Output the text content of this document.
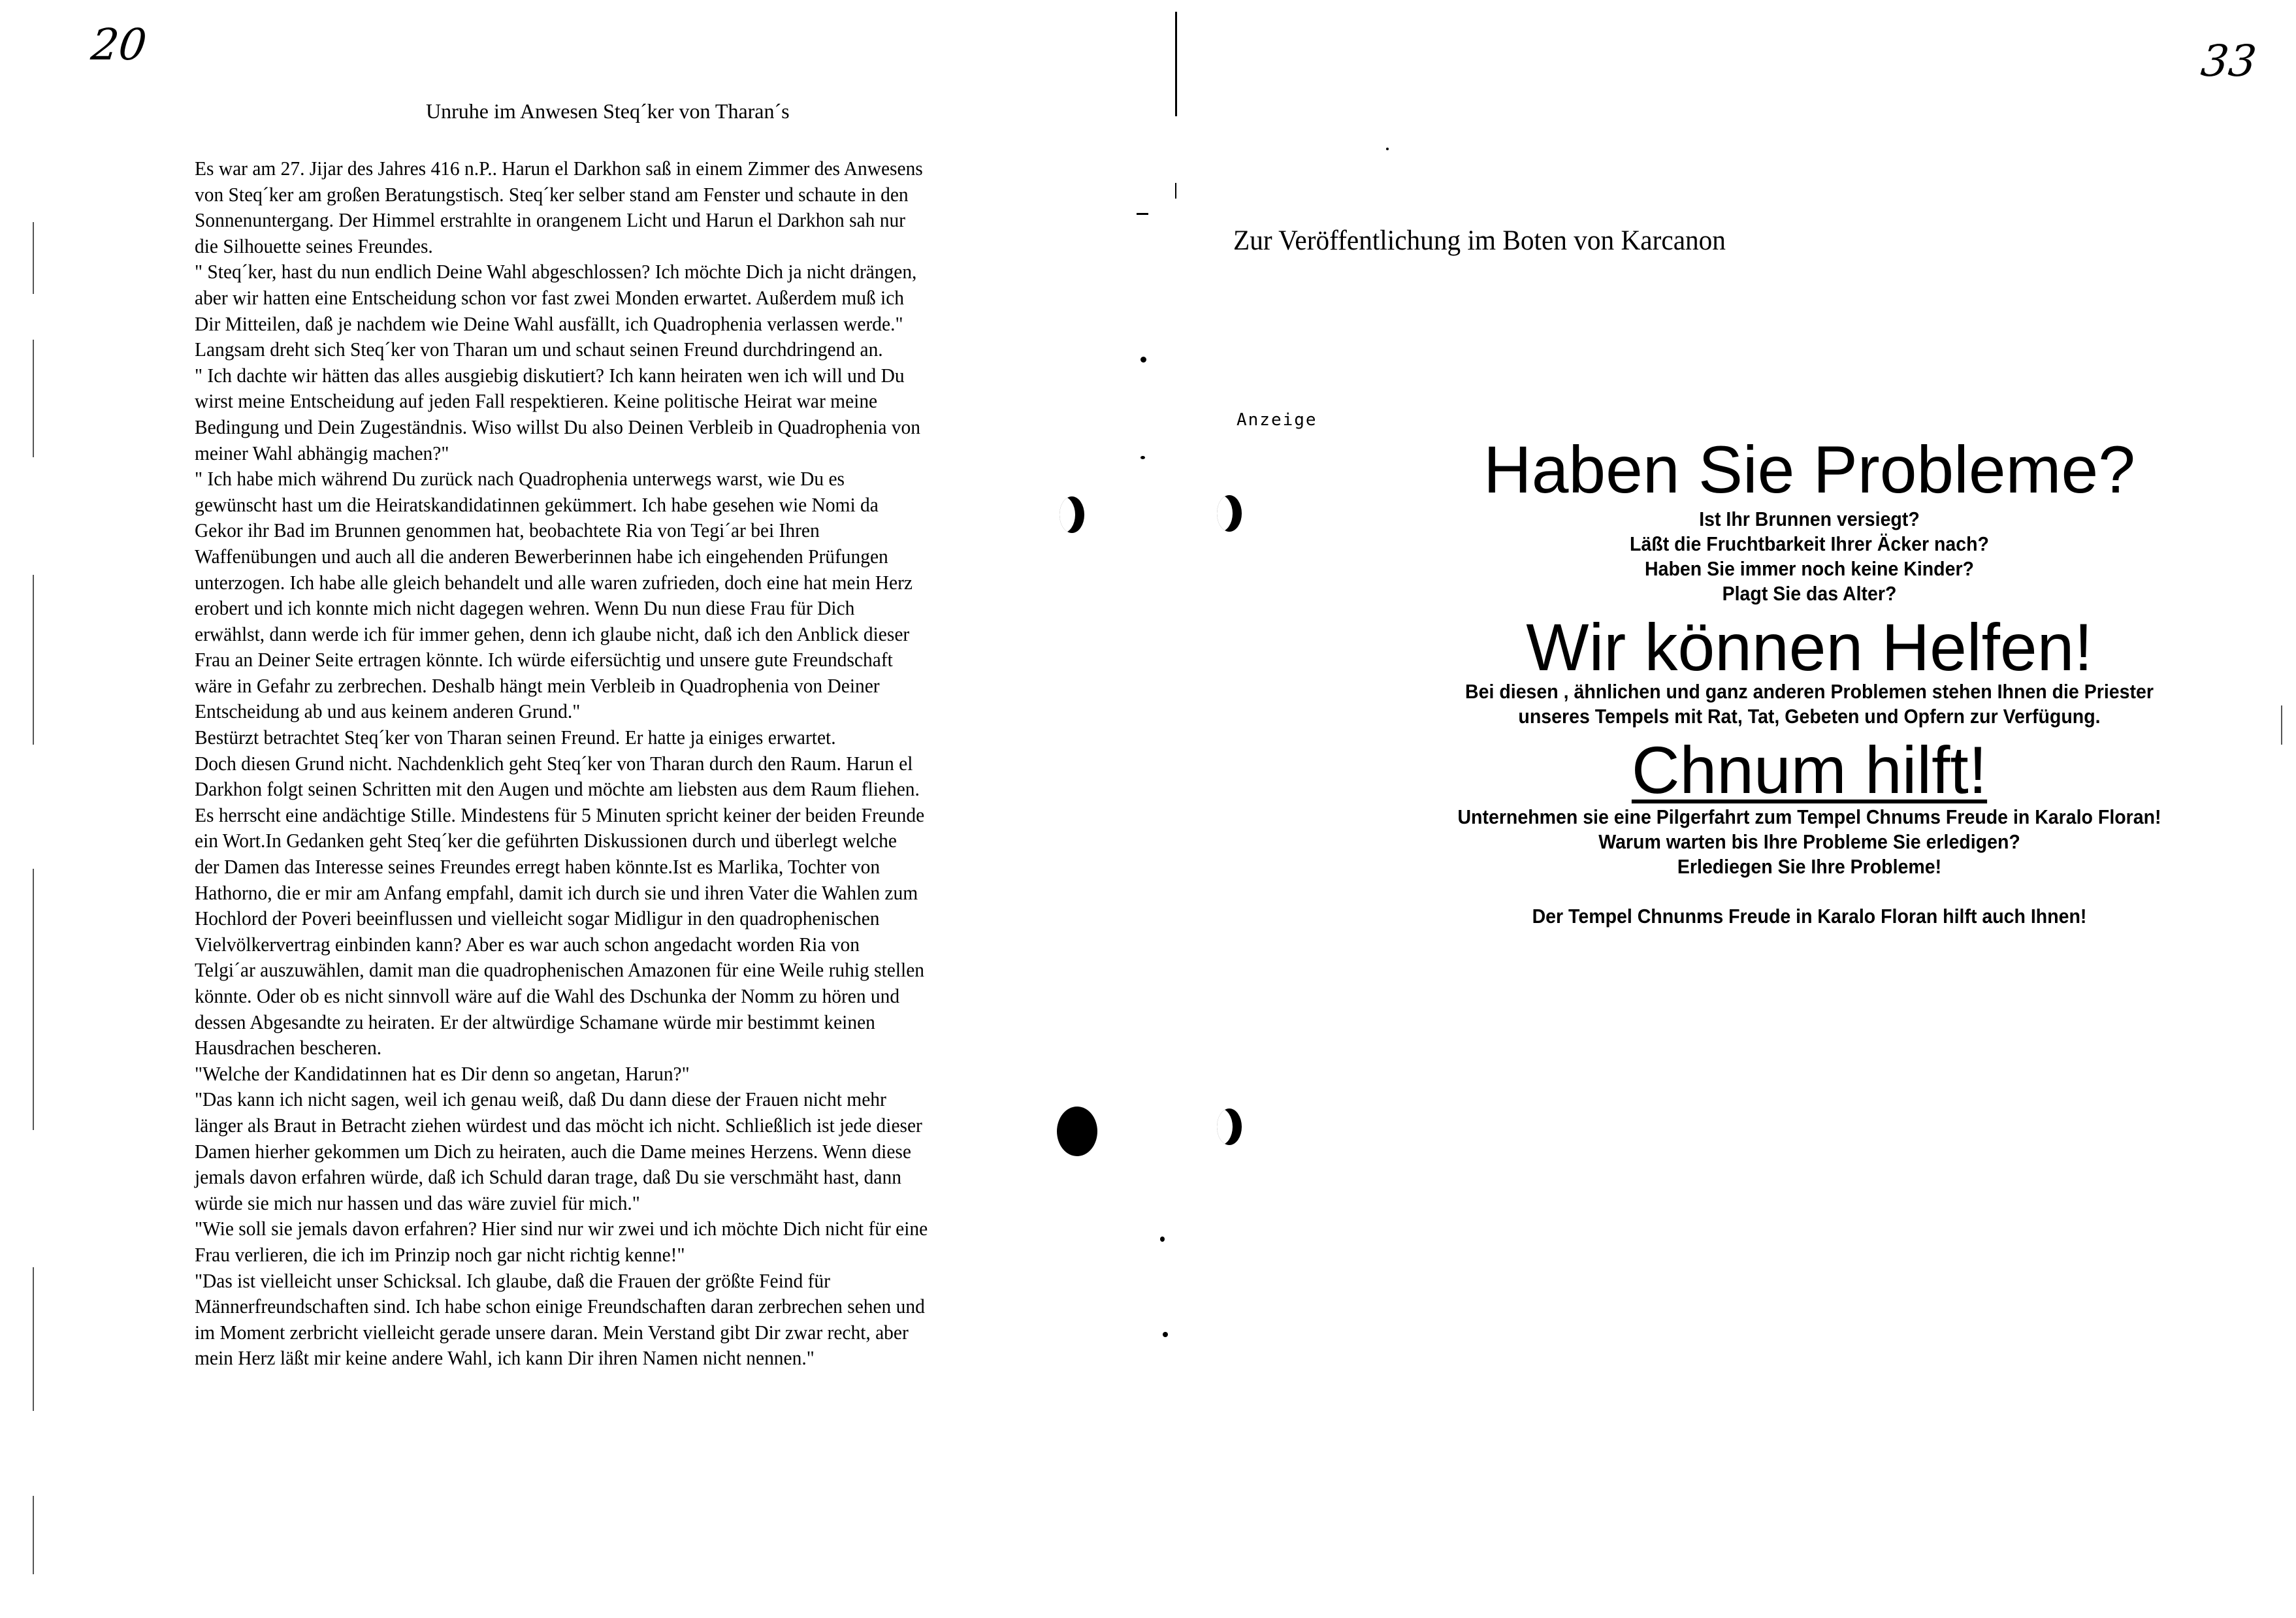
20
Unruhe im Anwesen Steq´ker von Tharan´s
Es war am 27. Jijar des Jahres 416 n.P.. Harun el Darkhon saß in einem Zimmer des Anwesens
von Steq´ker am großen Beratungstisch. Steq´ker selber stand am Fenster und schaute in den
Sonnenuntergang. Der Himmel erstrahlte in orangenem Licht und Harun el Darkhon sah nur
die Silhouette seines Freundes.
" Steq´ker, hast du nun endlich Deine Wahl abgeschlossen? Ich möchte Dich ja nicht drängen,
aber wir hatten eine Entscheidung schon vor fast zwei Monden erwartet. Außerdem muß ich
Dir Mitteilen, daß je nachdem wie Deine Wahl ausfällt, ich Quadrophenia verlassen werde."
Langsam dreht sich Steq´ker von Tharan um und schaut seinen Freund durchdringend an.
" Ich dachte wir hätten das alles ausgiebig diskutiert? Ich kann heiraten wen ich will und Du
wirst meine Entscheidung auf jeden Fall respektieren. Keine politische Heirat war meine
Bedingung und Dein Zugeständnis. Wiso willst Du also Deinen Verbleib in Quadrophenia von
meiner Wahl abhängig machen?"
" Ich habe mich während Du zurück nach Quadrophenia unterwegs warst, wie Du es
gewünscht hast um die Heiratskandidatinnen gekümmert. Ich habe gesehen wie Nomi da
Gekor ihr Bad im Brunnen genommen hat, beobachtete Ria von Tegi´ar bei Ihren
Waffenübungen und auch all die anderen Bewerberinnen habe ich eingehenden Prüfungen
unterzogen. Ich habe alle gleich behandelt und alle waren zufrieden, doch eine hat mein Herz
erobert und ich konnte mich nicht dagegen wehren. Wenn Du nun diese Frau für Dich
erwählst, dann werde ich für immer gehen, denn ich glaube nicht, daß ich den Anblick dieser
Frau an Deiner Seite ertragen könnte. Ich würde eifersüchtig und unsere gute Freundschaft
wäre in Gefahr zu zerbrechen. Deshalb hängt mein Verbleib in Quadrophenia von Deiner
Entscheidung ab und aus keinem anderen Grund."
Bestürzt betrachtet Steq´ker von Tharan seinen Freund. Er hatte ja einiges erwartet.
Doch diesen Grund nicht. Nachdenklich geht Steq´ker von Tharan durch den Raum. Harun el
Darkhon folgt seinen Schritten mit den Augen und möchte am liebsten aus dem Raum fliehen.
Es herrscht eine andächtige Stille. Mindestens für 5 Minuten spricht keiner der beiden Freunde
ein Wort.In Gedanken geht Steq´ker die geführten Diskussionen durch und überlegt welche
der Damen das Interesse seines Freundes erregt haben könnte.Ist es Marlika, Tochter von
Hathorno, die er mir am Anfang empfahl, damit ich durch sie und ihren Vater die Wahlen zum
Hochlord der Poveri beeinflussen und vielleicht sogar Midligur in den quadrophenischen
Vielvölkervertrag einbinden kann? Aber es war auch schon angedacht worden Ria von
Telgi´ar auszuwählen, damit man die quadrophenischen Amazonen für eine Weile ruhig stellen
könnte. Oder ob es nicht sinnvoll wäre auf die Wahl des Dschunka der Nomm zu hören und
dessen Abgesandte zu heiraten. Er der altwürdige Schamane würde mir bestimmt keinen
Hausdrachen bescheren.
"Welche der Kandidatinnen hat es Dir denn so angetan, Harun?"
"Das kann ich nicht sagen, weil ich genau weiß, daß Du dann diese der Frauen nicht mehr
länger als Braut in Betracht ziehen würdest und das möcht ich nicht. Schließlich ist jede dieser
Damen hierher gekommen um Dich zu heiraten, auch die Dame meines Herzens. Wenn diese
jemals davon erfahren würde, daß ich Schuld daran trage, daß Du sie verschmäht hast, dann
würde sie mich nur hassen und das wäre zuviel für mich."
"Wie soll sie jemals davon erfahren? Hier sind nur wir zwei und ich möchte Dich nicht für eine
Frau verlieren, die ich im Prinzip noch gar nicht richtig kenne!"
"Das ist vielleicht unser Schicksal. Ich glaube, daß die Frauen der größte Feind für
Männerfreundschaften sind. Ich habe schon einige Freundschaften daran zerbrechen sehen und
im Moment zerbricht vielleicht gerade unsere daran. Mein Verstand gibt Dir zwar recht, aber
mein Herz läßt mir keine andere Wahl, ich kann Dir ihren Namen nicht nennen."
33
Zur Veröffentlichung im Boten von Karcanon
Anzeige
Haben Sie Probleme?
Ist Ihr Brunnen versiegt?
Läßt die Fruchtbarkeit Ihrer Äcker nach?
Haben Sie immer noch keine Kinder?
Plagt Sie das Alter?
Wir können Helfen!
Bei diesen , ähnlichen und ganz anderen Problemen stehen Ihnen die Priester
unseres Tempels mit Rat, Tat, Gebeten und Opfern zur Verfügung.
Chnum hilft!
Unternehmen sie eine Pilgerfahrt zum Tempel Chnums Freude in Karalo Floran!
Warum warten bis Ihre Probleme Sie erledigen?
Erlediegen Sie Ihre Probleme!
Der Tempel Chnunms Freude in Karalo Floran hilft auch Ihnen!
